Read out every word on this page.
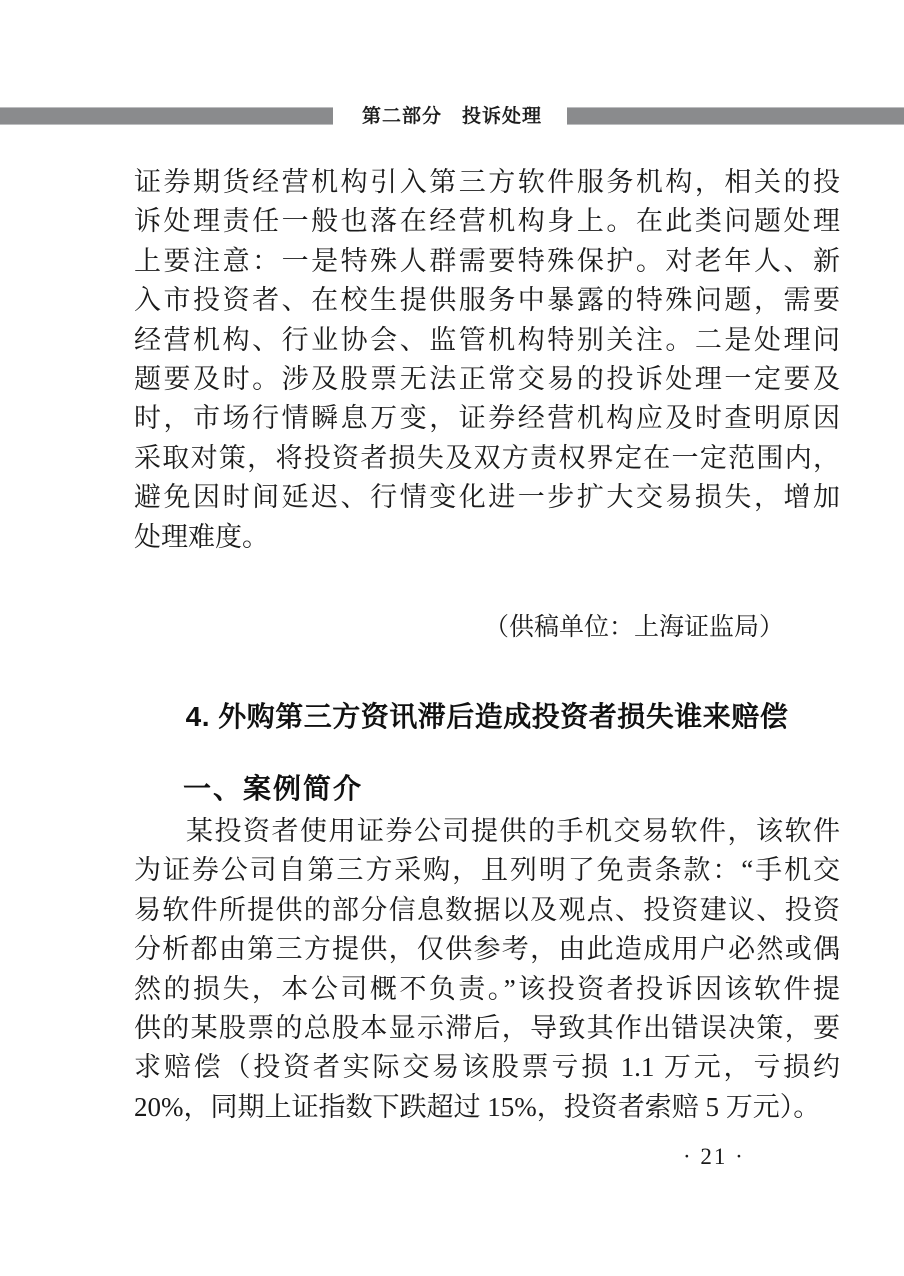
第二部分　投诉处理
证券期货经营机构引入第三方软件服务机构，相关的投
诉处理责任一般也落在经营机构身上。在此类问题处理
上要注意：一是特殊人群需要特殊保护。对老年人、新
入市投资者、在校生提供服务中暴露的特殊问题，需要
经营机构、行业协会、监管机构特别关注。二是处理问
题要及时。涉及股票无法正常交易的投诉处理一定要及
时，市场行情瞬息万变，证券经营机构应及时查明原因
采取对策，将投资者损失及双方责权界定在一定范围内，
避免因时间延迟、行情变化进一步扩大交易损失，增加
处理难度。
（供稿单位：上海证监局）
4. 外购第三方资讯滞后造成投资者损失谁来赔偿
一、案例简介
某投资者使用证券公司提供的手机交易软件，该软件
为证券公司自第三方采购，且列明了免责条款：“手机交
易软件所提供的部分信息数据以及观点、投资建议、投资
分析都由第三方提供，仅供参考，由此造成用户必然或偶
然的损失，本公司概不负责。”该投资者投诉因该软件提
供的某股票的总股本显示滞后，导致其作出错误决策，要
求赔偿（投资者实际交易该股票亏损 1.1 万元，亏损约
20%，同期上证指数下跌超过 15%，投资者索赔 5 万元）。
· 21 ·
